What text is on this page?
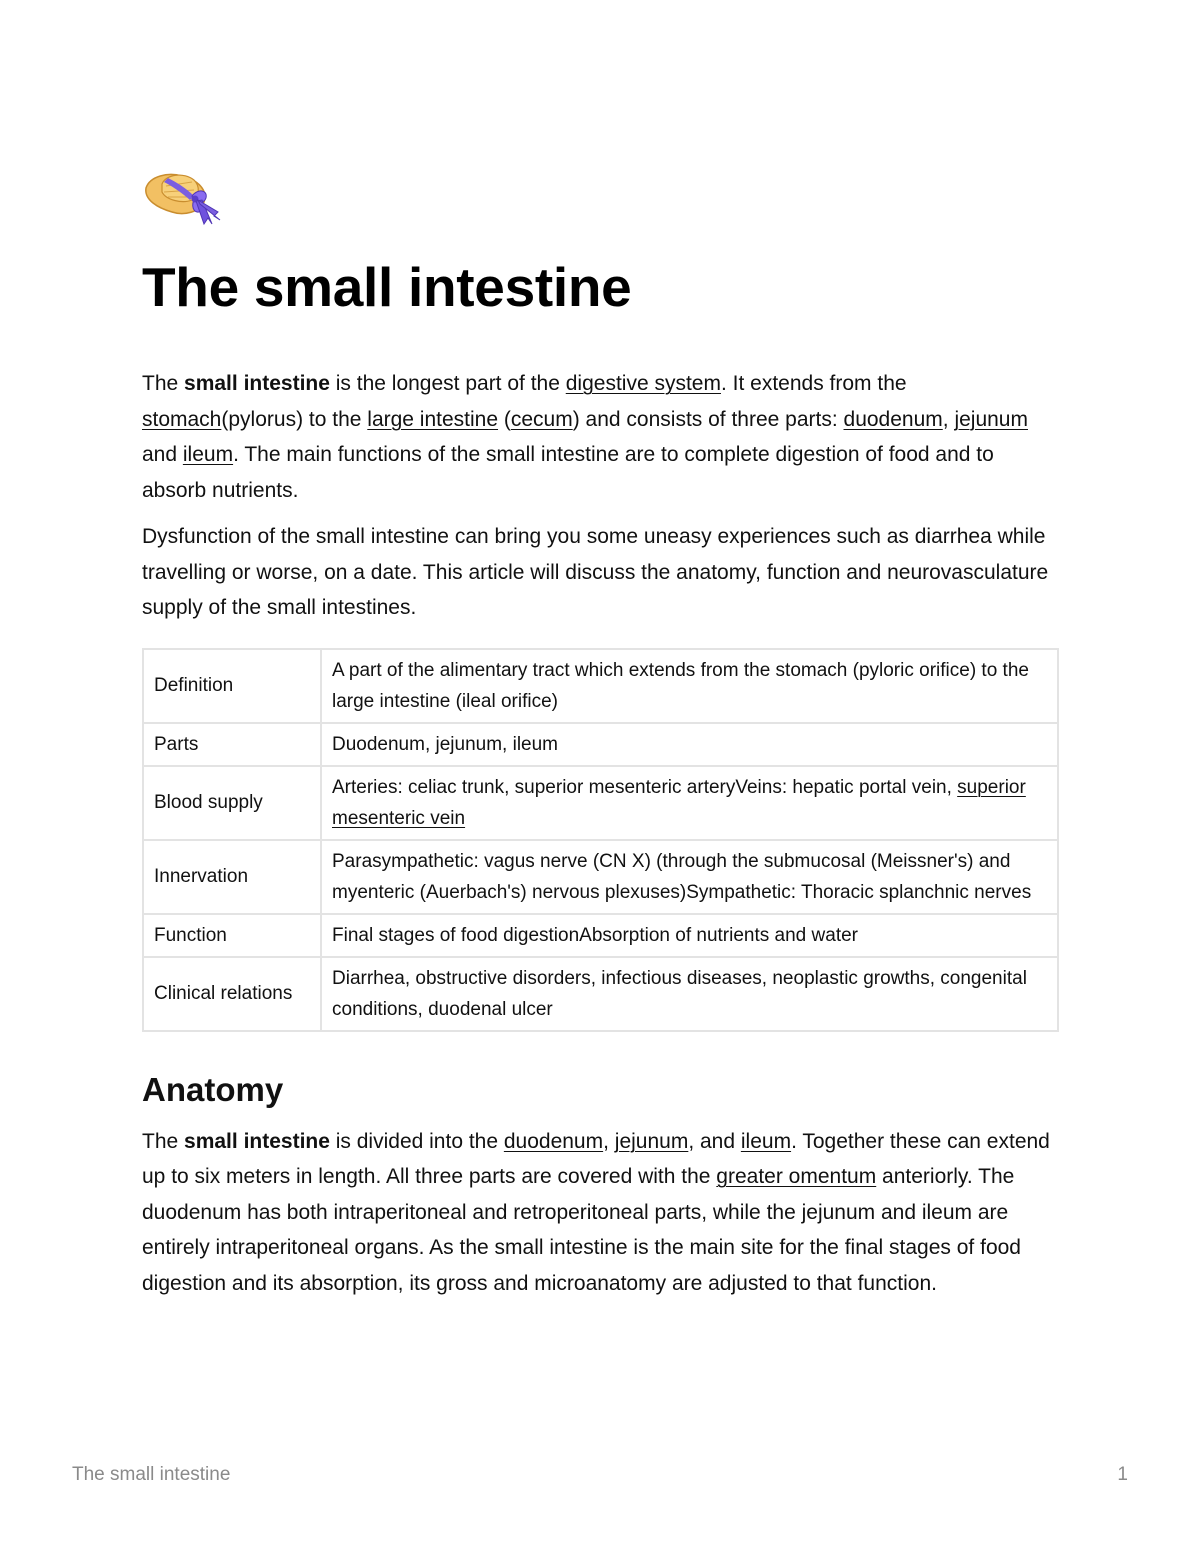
The small intestine

The small intestine is the longest part of the digestive system. It extends from the stomach(pylorus) to the large intestine (cecum) and consists of three parts: duodenum, jejunum and ileum. The main functions of the small intestine are to complete digestion of food and to absorb nutrients.

Dysfunction of the small intestine can bring you some uneasy experiences such as diarrhea while travelling or worse, on a date. This article will discuss the anatomy, function and neurovasculature supply of the small intestines.

Definition	A part of the alimentary tract which extends from the stomach (pyloric orifice) to the large intestine (ileal orifice)
Parts	Duodenum, jejunum, ileum
Blood supply	Arteries: celiac trunk, superior mesenteric arteryVeins: hepatic portal vein, superior mesenteric vein
Innervation	Parasympathetic: vagus nerve (CN X) (through the submucosal (Meissner's) and myenteric (Auerbach's) nervous plexuses)Sympathetic: Thoracic splanchnic nerves
Function	Final stages of food digestionAbsorption of nutrients and water
Clinical relations	Diarrhea, obstructive disorders, infectious diseases, neoplastic growths, congenital conditions, duodenal ulcer
Anatomy

The small intestine is divided into the duodenum, jejunum, and ileum. Together these can extend up to six meters in length. All three parts are covered with the greater omentum anteriorly. The duodenum has both intraperitoneal and retroperitoneal parts, while the jejunum and ileum are entirely intraperitoneal organs. As the small intestine is the main site for the final stages of food digestion and its absorption, its gross and microanatomy are adjusted to that function.

The small intestine	1
